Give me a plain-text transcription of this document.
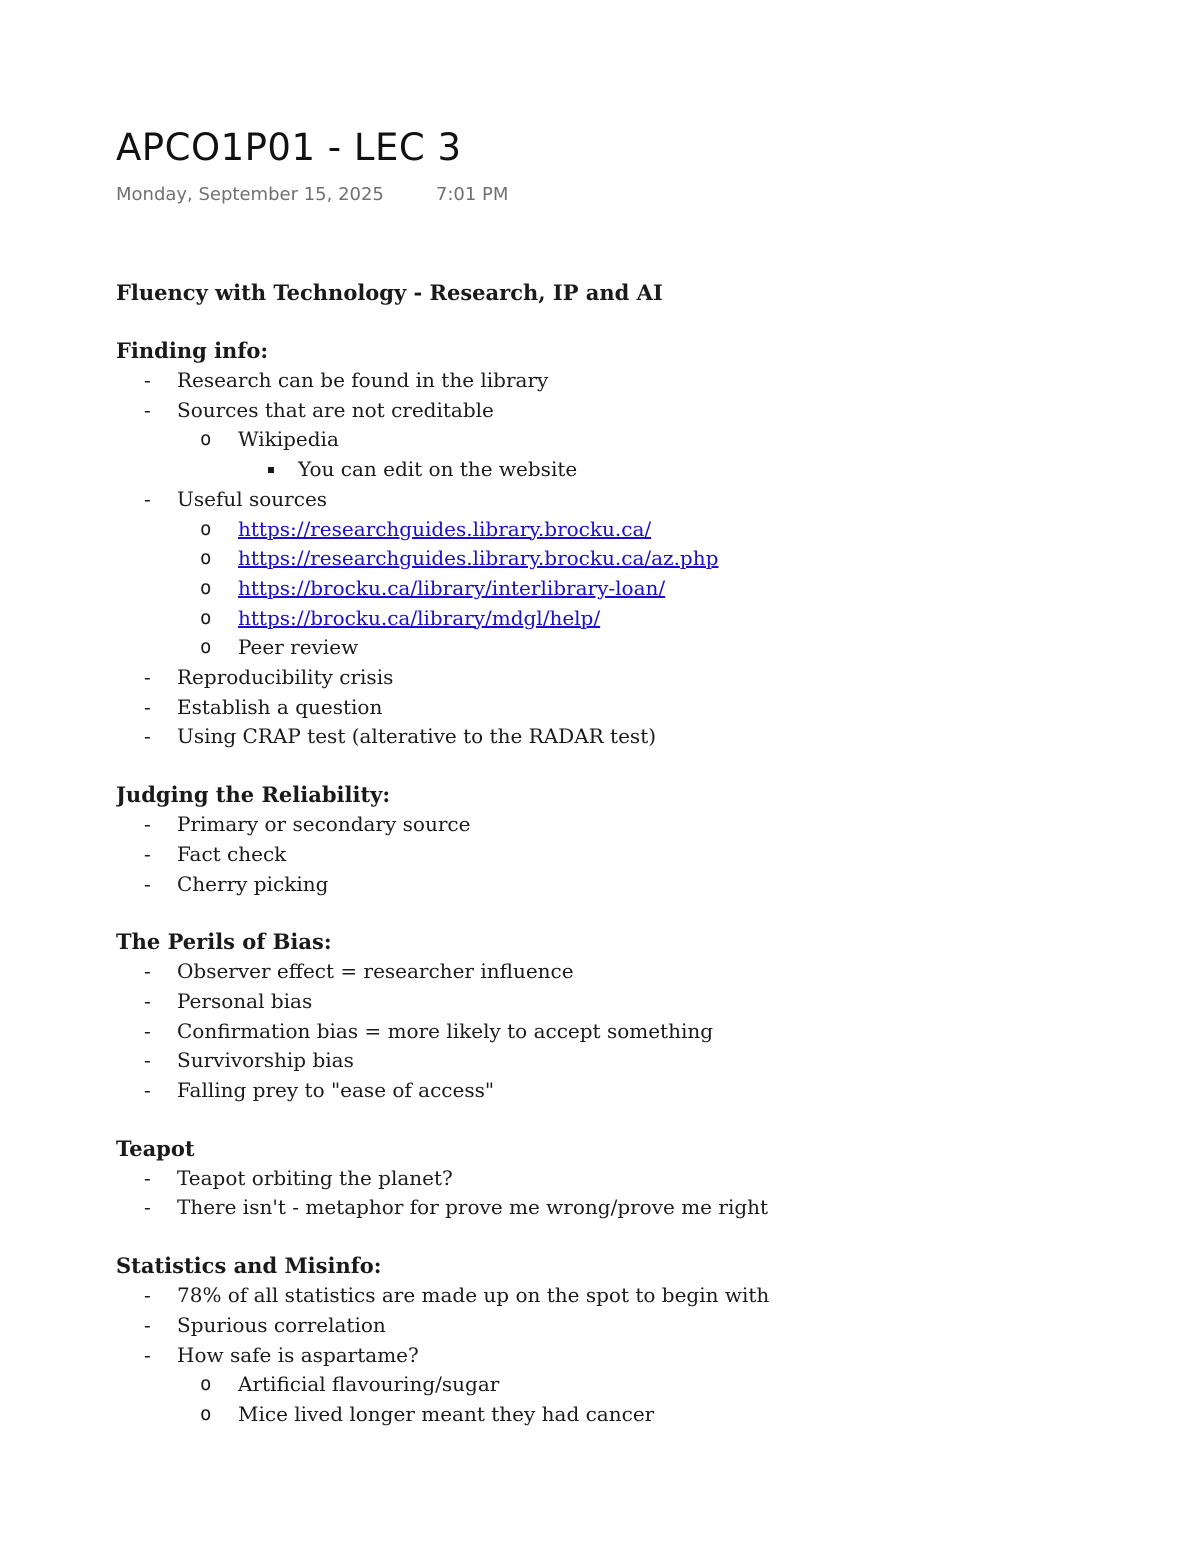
APCO1P01 - LEC 3
Monday, September 15, 2025	7:01 PM

Fluency with Technology - Research, IP and AI

Finding info:

- Research can be found in the library
- Sources that are not creditable
o Wikipedia
You can edit on the website
- Useful sources
o https://researchguides.library.brocku.ca/
o https://researchguides.library.brocku.ca/az.php
o https://brocku.ca/library/interlibrary-loan/
o https://brocku.ca/library/mdgl/help/
o Peer review
- Reproducibility crisis
- Establish a question
- Using CRAP test (alterative to the RADAR test)

Judging the Reliability:

- Primary or secondary source
- Fact check
- Cherry picking

The Perils of Bias:

- Observer effect = researcher influence
- Personal bias
- Confirmation bias = more likely to accept something
- Survivorship bias
- Falling prey to "ease of access"

Teapot

- Teapot orbiting the planet?
- There isn't - metaphor for prove me wrong/prove me right

Statistics and Misinfo:

- 78% of all statistics are made up on the spot to begin with
- Spurious correlation
- How safe is aspartame?
o Artificial flavouring/sugar
o Mice lived longer meant they had cancer
